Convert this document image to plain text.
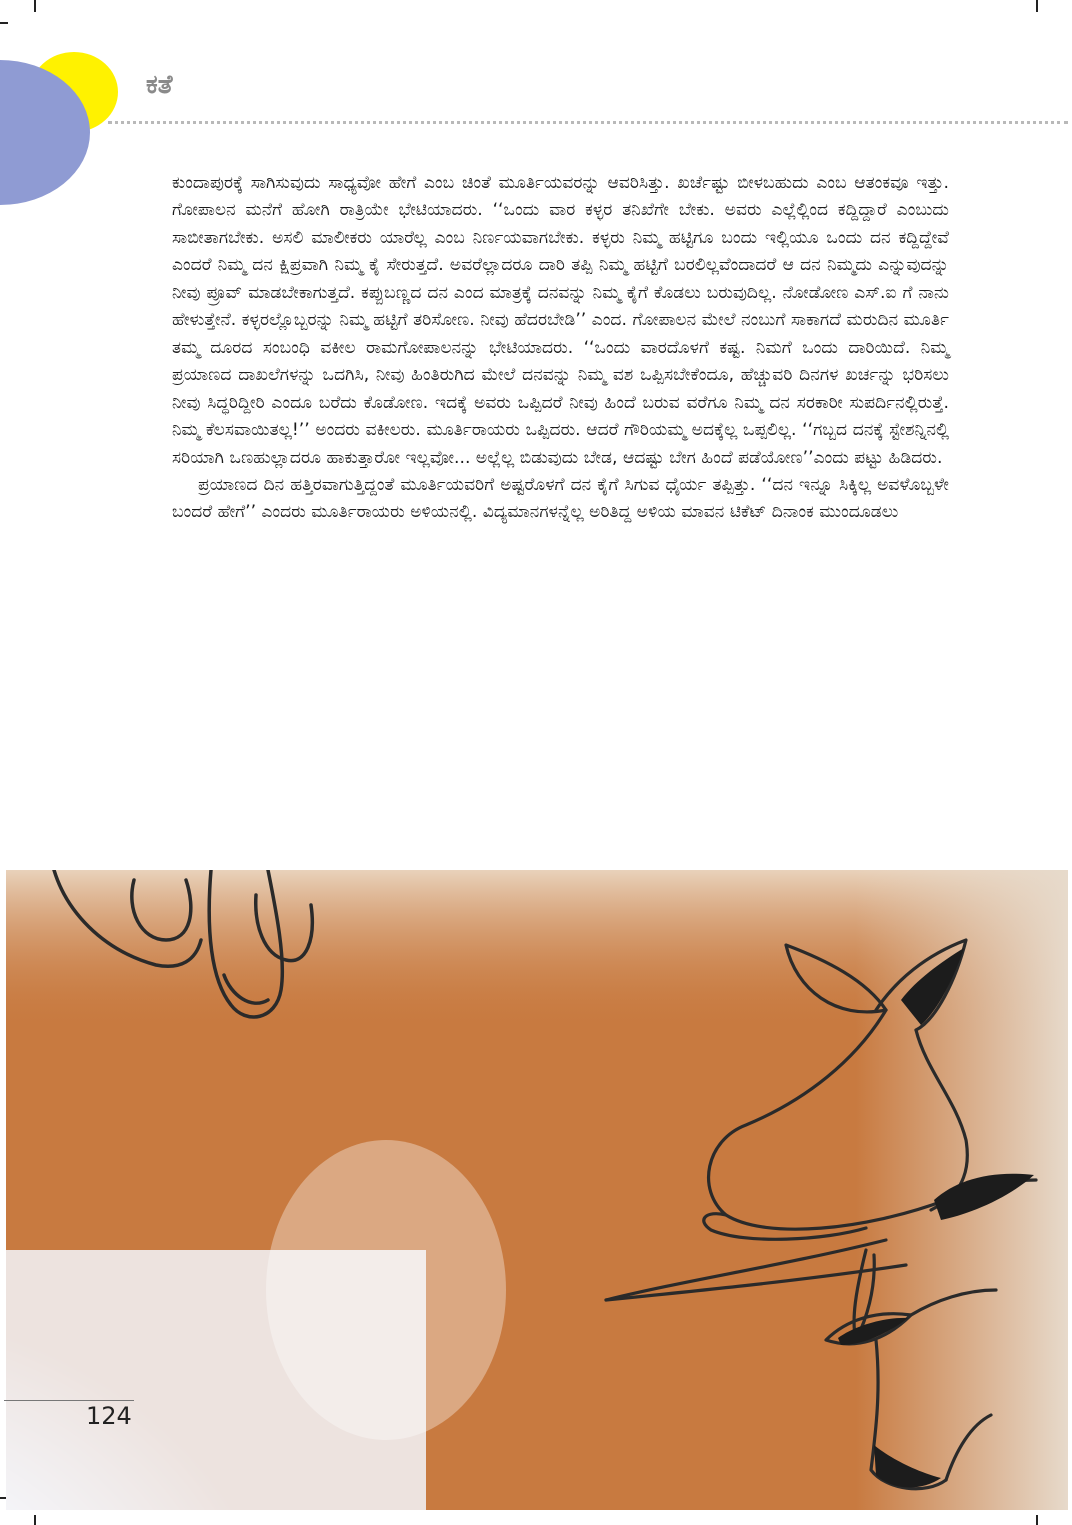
ಕತೆ

ಕುಂದಾಪುರಕ್ಕೆ ಸಾಗಿಸುವುದು ಸಾಧ್ಯವೋ ಹೇಗೆ ಎಂಬ ಚಿಂತೆ ಮೂರ್ತಿಯವರನ್ನು ಆವರಿಸಿತ್ತು. ಖರ್ಚೆಷ್ಟು ಬೀಳಬಹುದು ಎಂಬ ಆತಂಕವೂ ಇತ್ತು. ಗೋಪಾಲನ ಮನೆಗೆ ಹೋಗಿ ರಾತ್ರಿಯೇ ಭೇಟಿಯಾದರು. ‘‘ಒಂದು ವಾರ ಕಳ್ಳರ ತನಿಖೆಗೇ ಬೇಕು. ಅವರು ಎಲ್ಲೆಲ್ಲಿಂದ ಕದ್ದಿದ್ದಾರೆ ಎಂಬುದು ಸಾಬೀತಾಗಬೇಕು. ಅಸಲಿ ಮಾಲೀಕರು ಯಾರೆಲ್ಲ ಎಂಬ ನಿರ್ಣಯವಾಗಬೇಕು. ಕಳ್ಳರು ನಿಮ್ಮ ಹಟ್ಟಿಗೂ ಬಂದು ಇಲ್ಲಿಯೂ ಒಂದು ದನ ಕದ್ದಿದ್ದೇವೆ ಎಂದರೆ ನಿಮ್ಮ ದನ ಕ್ಷಿಪ್ರವಾಗಿ ನಿಮ್ಮ ಕೈ ಸೇರುತ್ತದೆ. ಅವರೆಲ್ಲಾದರೂ ದಾರಿ ತಪ್ಪಿ ನಿಮ್ಮ ಹಟ್ಟಿಗೆ ಬರಲಿಲ್ಲವೆಂದಾದರೆ ಆ ದನ ನಿಮ್ಮದು ಎನ್ನುವುದನ್ನು ನೀವು ಪ್ರೂವ್ ಮಾಡಬೇಕಾಗುತ್ತದೆ. ಕಪ್ಪುಬಣ್ಣದ ದನ ಎಂದ ಮಾತ್ರಕ್ಕೆ ದನವನ್ನು ನಿಮ್ಮ ಕೈಗೆ ಕೊಡಲು ಬರುವುದಿಲ್ಲ. ನೋಡೋಣ ಎಸ್.ಐ ಗೆ ನಾನು ಹೇಳುತ್ತೇನೆ. ಕಳ್ಳರಲ್ಲೊಬ್ಬರನ್ನು ನಿಮ್ಮ ಹಟ್ಟಿಗೆ ತರಿಸೋಣ. ನೀವು ಹೆದರಬೇಡಿ’’ ಎಂದ. ಗೋಪಾಲನ ಮೇಲೆ ನಂಬುಗೆ ಸಾಕಾಗದೆ ಮರುದಿನ ಮೂರ್ತಿ ತಮ್ಮ ದೂರದ ಸಂಬಂಧಿ ವಕೀಲ ರಾಮಗೋಪಾಲನನ್ನು ಭೇಟಿಯಾದರು. ‘‘ಒಂದು ವಾರದೊಳಗೆ ಕಷ್ಟ. ನಿಮಗೆ ಒಂದು ದಾರಿಯಿದೆ. ನಿಮ್ಮ ಪ್ರಯಾಣದ ದಾಖಲೆಗಳನ್ನು ಒದಗಿಸಿ, ನೀವು ಹಿಂತಿರುಗಿದ ಮೇಲೆ ದನವನ್ನು ನಿಮ್ಮ ವಶ ಒಪ್ಪಿಸಬೇಕೆಂದೂ, ಹೆಚ್ಚುವರಿ ದಿನಗಳ ಖರ್ಚನ್ನು ಭರಿಸಲು ನೀವು ಸಿದ್ಧರಿದ್ದೀರಿ ಎಂದೂ ಬರೆದು ಕೊಡೋಣ. ಇದಕ್ಕೆ ಅವರು ಒಪ್ಪಿದರೆ ನೀವು ಹಿಂದೆ ಬರುವ ವರೆಗೂ ನಿಮ್ಮ ದನ ಸರಕಾರೀ ಸುಪರ್ದಿನಲ್ಲಿರುತ್ತೆ. ನಿಮ್ಮ ಕೆಲಸವಾಯಿತಲ್ಲ!’’ ಅಂದರು ವಕೀಲರು. ಮೂರ್ತಿರಾಯರು ಒಪ್ಪಿದರು. ಆದರೆ ಗೌರಿಯಮ್ಮ ಅದಕ್ಕೆಲ್ಲ ಒಪ್ಪಲಿಲ್ಲ. ‘‘ಗಬ್ಬದ ದನಕ್ಕೆ ಸ್ಟೇಶನ್ನಿನಲ್ಲಿ ಸರಿಯಾಗಿ ಒಣಹುಲ್ಲಾದರೂ ಹಾಕುತ್ತಾರೋ ಇಲ್ಲವೋ... ಅಲ್ಲೆಲ್ಲ ಬಿಡುವುದು ಬೇಡ, ಆದಷ್ಟು ಬೇಗ ಹಿಂದೆ ಪಡೆಯೋಣ’’ಎಂದು ಪಟ್ಟು ಹಿಡಿದರು.

ಪ್ರಯಾಣದ ದಿನ ಹತ್ತಿರವಾಗುತ್ತಿದ್ದಂತೆ ಮೂರ್ತಿಯವರಿಗೆ ಅಷ್ಟರೊಳಗೆ ದನ ಕೈಗೆ ಸಿಗುವ ಧೈರ್ಯ ತಪ್ಪಿತ್ತು. ‘‘ದನ ಇನ್ನೂ ಸಿಕ್ಕಿಲ್ಲ ಅವಳೊಬ್ಬಳೇ ಬಂದರೆ ಹೇಗೆ’’ ಎಂದರು ಮೂರ್ತಿರಾಯರು ಅಳಿಯನಲ್ಲಿ. ವಿದ್ಯಮಾನಗಳನ್ನೆಲ್ಲ ಅರಿತಿದ್ದ ಅಳಿಯ ಮಾವನ ಟಿಕೆಟ್ ದಿನಾಂಕ ಮುಂದೂಡಲು

124
